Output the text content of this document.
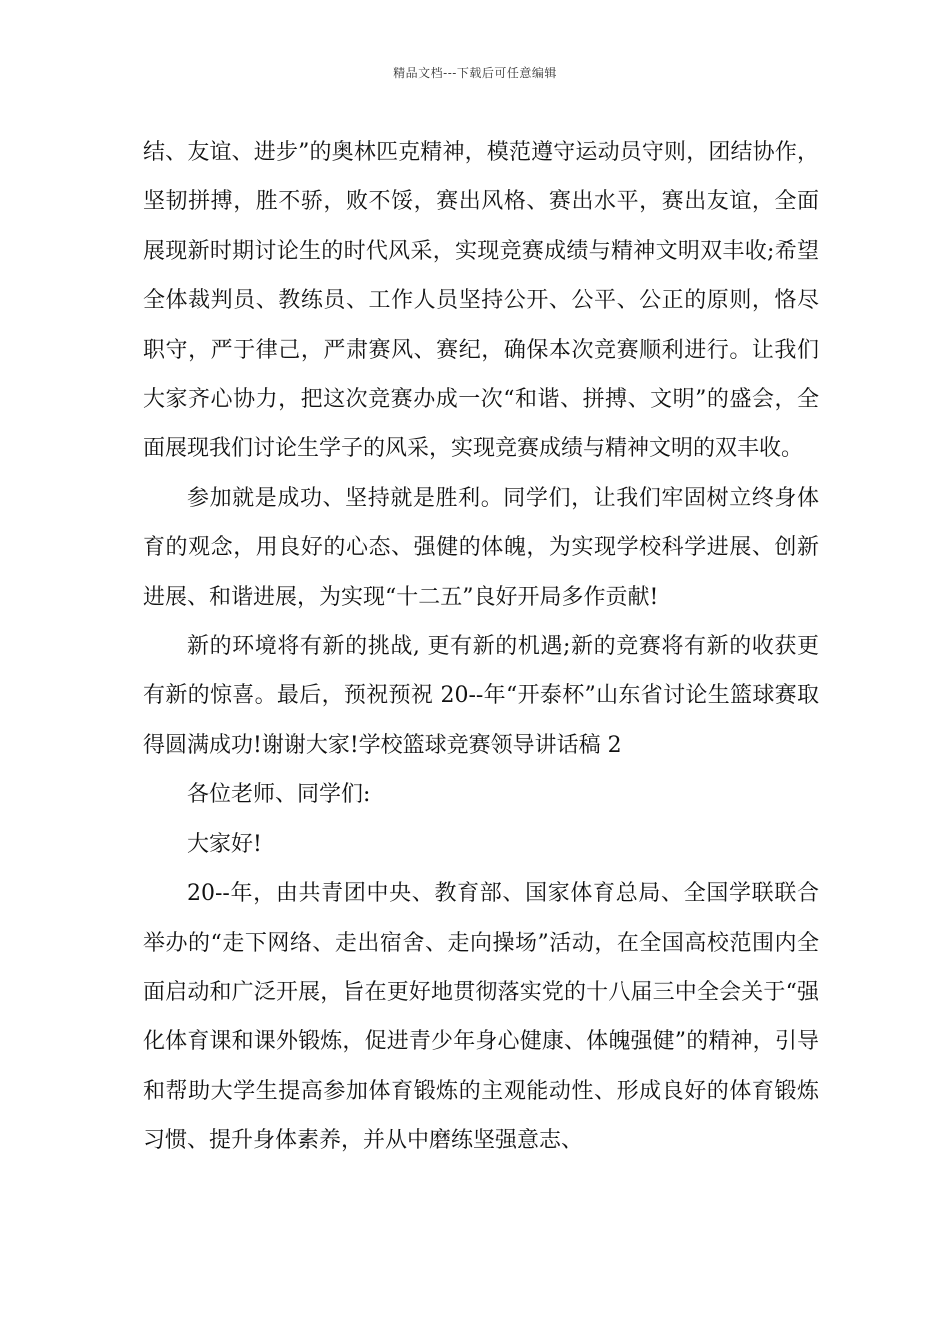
精品文档---下载后可任意编辑

结、友谊、进步”的奥林匹克精神，模范遵守运动员守则，团结协作，坚韧拼搏，胜不骄，败不馁，赛出风格、赛出水平，赛出友谊，全面展现新时期讨论生的时代风采，实现竞赛成绩与精神文明双丰收;希望全体裁判员、教练员、工作人员坚持公开、公平、公正的原则，恪尽职守，严于律己，严肃赛风、赛纪，确保本次竞赛顺利进行。让我们大家齐心协力，把这次竞赛办成一次“和谐、拼搏、文明”的盛会，全面展现我们讨论生学子的风采，实现竞赛成绩与精神文明的双丰收。

参加就是成功、坚持就是胜利。同学们，让我们牢固树立终身体育的观念，用良好的心态、强健的体魄，为实现学校科学进展、创新进展、和谐进展，为实现“十二五”良好开局多作贡献!

新的环境将有新的挑战, 更有新的机遇;新的竞赛将有新的收获更有新的惊喜。最后，预祝预祝 20--年“开泰杯”山东省讨论生篮球赛取得圆满成功!谢谢大家!学校篮球竞赛领导讲话稿 2

各位老师、同学们:

大家好!

20--年，由共青团中央、教育部、国家体育总局、全国学联联合举办的“走下网络、走出宿舍、走向操场”活动，在全国高校范围内全面启动和广泛开展，旨在更好地贯彻落实党的十八届三中全会关于“强化体育课和课外锻炼，促进青少年身心健康、体魄强健”的精神，引导和帮助大学生提高参加体育锻炼的主观能动性、形成良好的体育锻炼习惯、提升身体素养，并从中磨练坚强意志、
